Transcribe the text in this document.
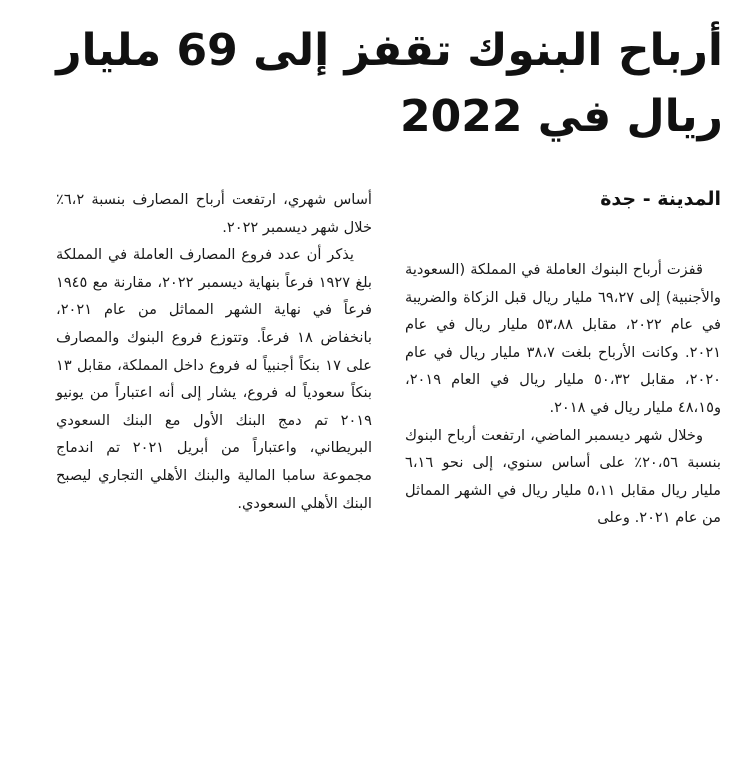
أرباح البنوك تقفز إلى 69 مليار ريال في 2022
المدينة - جدة

قفزت أرباح البنوك العاملة في المملكة (السعودية والأجنبية) إلى ٦٩،٢٧ مليار ريال قبل الزكاة والضريبة في عام ٢٠٢٢، مقابل ٥٣،٨٨ مليار ريال في عام ٢٠٢١. وكانت الأرباح بلغت ٣٨،٧ مليار ريال في عام ٢٠٢٠، مقابل ٥٠،٣٢ مليار ريال في العام ٢٠١٩، و٤٨،١٥ مليار ريال في ٢٠١٨.

وخلال شهر ديسمبر الماضي، ارتفعت أرباح البنوك بنسبة ٢٠،٥٦٪ على أساس سنوي، إلى نحو ٦،١٦ مليار ريال مقابل ٥،١١ مليار ريال في الشهر المماثل من عام ٢٠٢١. وعلى

أساس شهري، ارتفعت أرباح المصارف بنسبة ٦،٢٪ خلال شهر ديسمبر ٢٠٢٢.

يذكر أن عدد فروع المصارف العاملة في المملكة بلغ ١٩٢٧ فرعاً بنهاية ديسمبر ٢٠٢٢، مقارنة مع ١٩٤٥ فرعاً في نهاية الشهر المماثل من عام ٢٠٢١، بانخفاض ١٨ فرعاً. وتتوزع فروع البنوك والمصارف على ١٧ بنكاً أجنبياً له فروع داخل المملكة، مقابل ١٣ بنكاً سعودياً له فروع، يشار إلى أنه اعتباراً من يونيو ٢٠١٩ تم دمج البنك الأول مع البنك السعودي البريطاني، واعتباراً من أبريل ٢٠٢١ تم اندماج مجموعة سامبا المالية والبنك الأهلي التجاري ليصبح البنك الأهلي السعودي.
